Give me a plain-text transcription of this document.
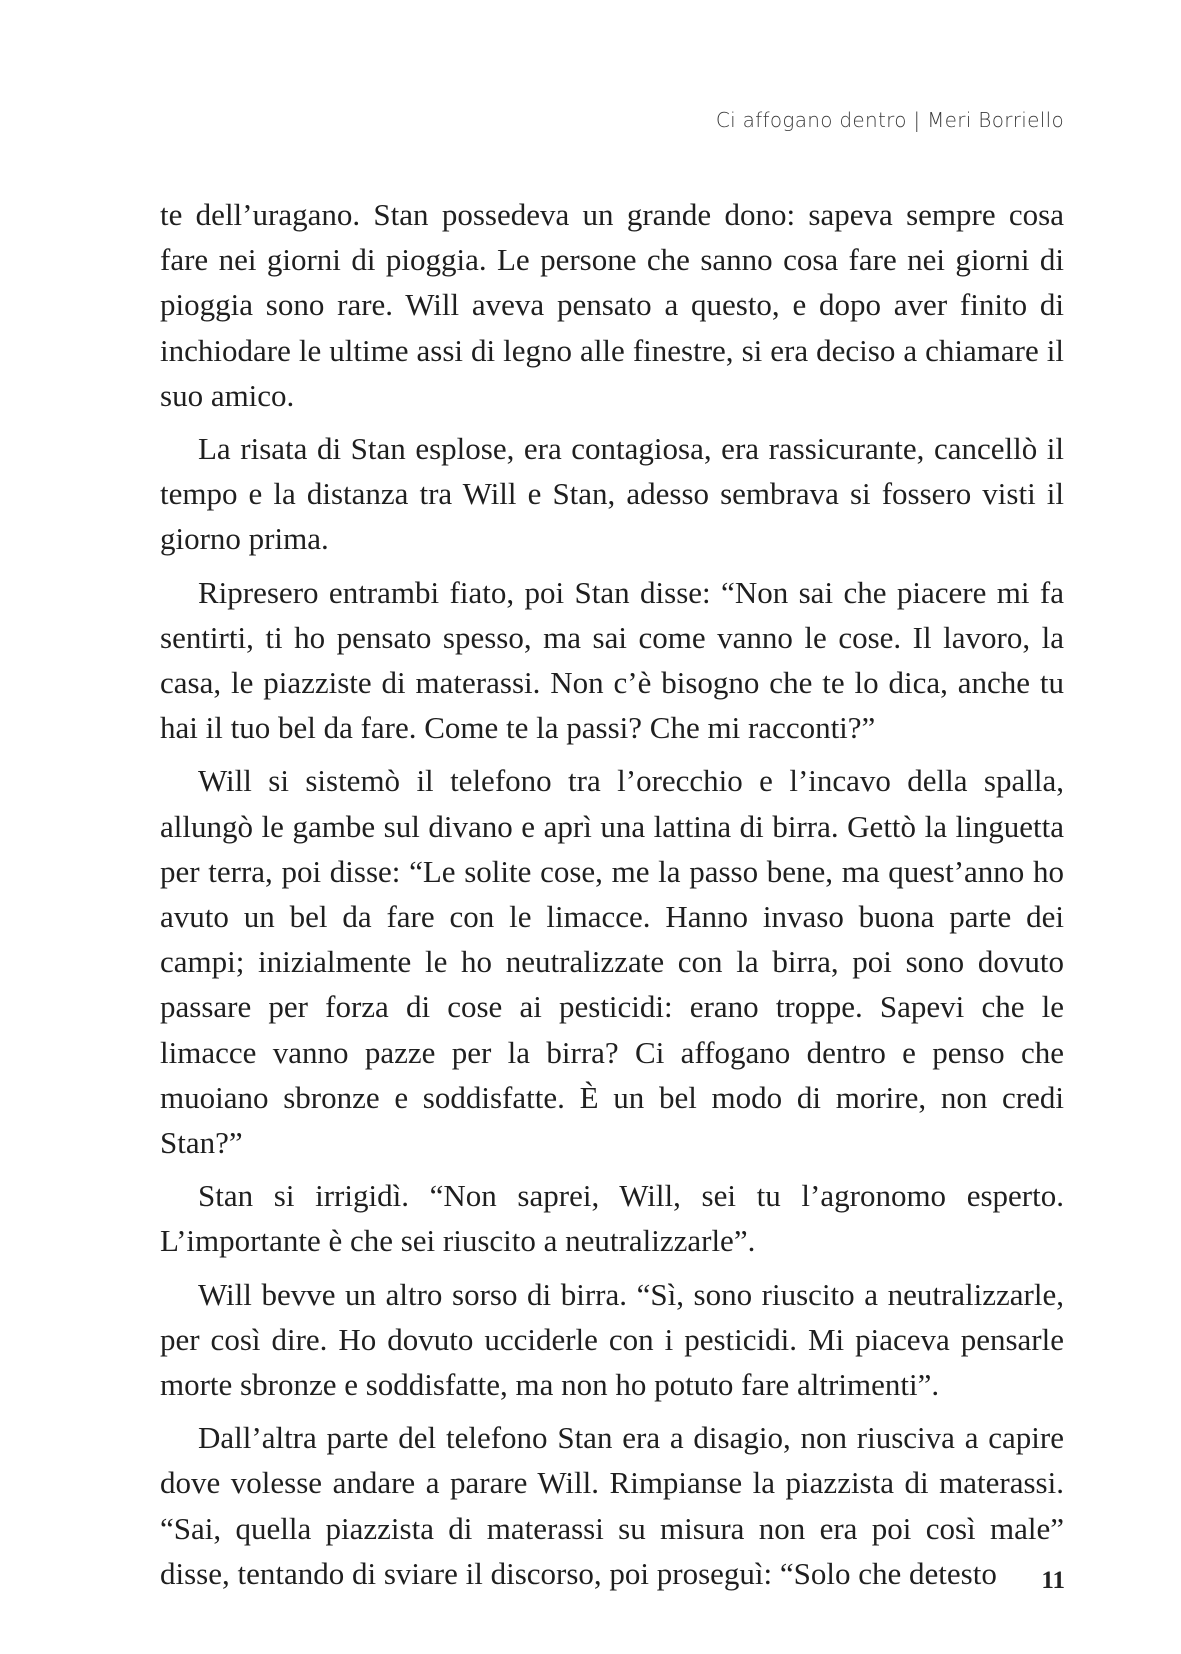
Ci affogano dentro | Meri Borriello

te dell’uragano. Stan possedeva un grande dono: sapeva sempre cosa fare nei giorni di pioggia. Le persone che sanno cosa fare nei giorni di pioggia sono rare. Will aveva pensato a questo, e dopo aver finito di inchiodare le ultime assi di legno alle finestre, si era deciso a chiamare il suo amico.

La risata di Stan esplose, era contagiosa, era rassicurante, cancellò il tempo e la distanza tra Will e Stan, adesso sembrava si fossero visti il giorno prima.

Ripresero entrambi fiato, poi Stan disse: “Non sai che piacere mi fa sentirti, ti ho pensato spesso, ma sai come vanno le cose. Il lavoro, la casa, le piazziste di materassi. Non c’è bisogno che te lo dica, anche tu hai il tuo bel da fare. Come te la passi? Che mi racconti?”

Will si sistemò il telefono tra l’orecchio e l’incavo della spalla, allungò le gambe sul divano e aprì una lattina di birra. Gettò la linguetta per terra, poi disse: “Le solite cose, me la passo bene, ma quest’anno ho avuto un bel da fare con le limacce. Hanno invaso buona parte dei campi; inizialmente le ho neutralizzate con la birra, poi sono dovuto passare per forza di cose ai pesticidi: erano troppe. Sapevi che le limacce vanno pazze per la birra? Ci affogano dentro e penso che muoiano sbronze e soddisfatte. È un bel modo di morire, non credi Stan?”

Stan si irrigidì. “Non saprei, Will, sei tu l’agronomo esperto. L’importante è che sei riuscito a neutralizzarle”.

Will bevve un altro sorso di birra. “Sì, sono riuscito a neutralizzarle, per così dire. Ho dovuto ucciderle con i pesticidi. Mi piaceva pensarle morte sbronze e soddisfatte, ma non ho potuto fare altrimenti”.

Dall’altra parte del telefono Stan era a disagio, non riusciva a capire dove volesse andare a parare Will. Rimpianse la piazzista di materassi. “Sai, quella piazzista di materassi su misura non era poi così male” disse, tentando di sviare il discorso, poi proseguì: “Solo che detesto	11
